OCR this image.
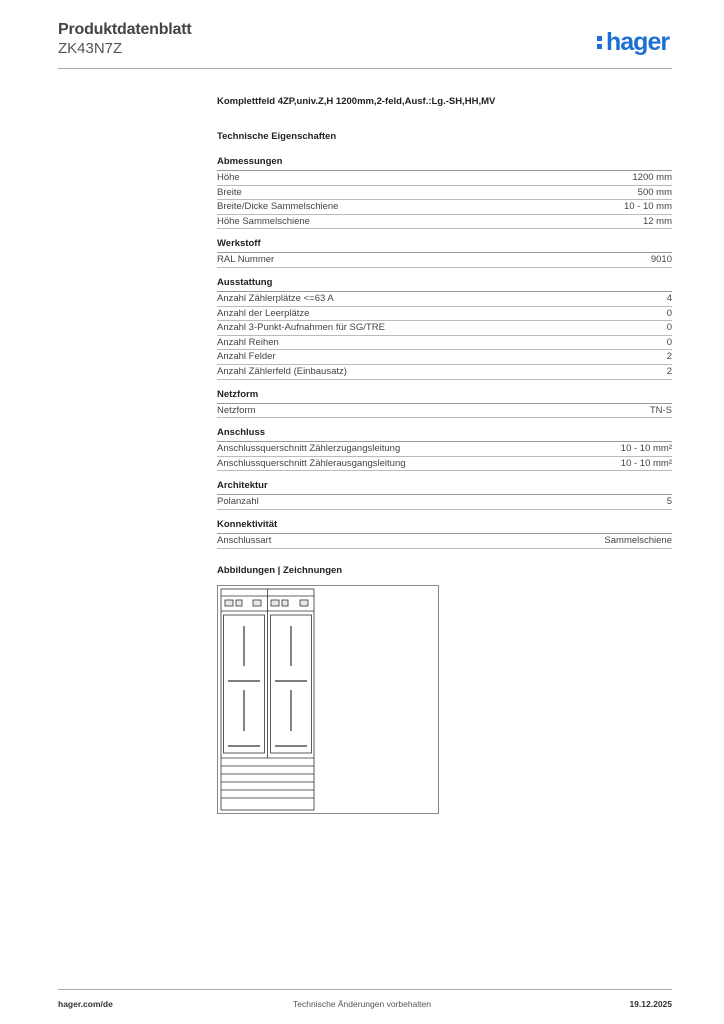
Produktdatenblatt
ZK43N7Z	hager
Komplettfeld 4ZP,univ.Z,H 1200mm,2-feld,Ausf.:Lg.-SH,HH,MV
Technische Eigenschaften
Abmessungen
Höhe	1200 mm
Breite	500 mm
Breite/Dicke Sammelschiene	10 - 10 mm
Höhe Sammelschiene	12 mm
Werkstoff
RAL Nummer	9010
Ausstattung
Anzahl Zählerplätze <=63 A	4
Anzahl der Leerplätze	0
Anzahl 3-Punkt-Aufnahmen für SG/TRE	0
Anzahl Reihen	0
Anzahl Felder	2
Anzahl Zählerfeld (Einbausatz)	2
Netzform
Netzform	TN-S
Anschluss
Anschlussquerschnitt Zählerzugangsleitung	10 - 10 mm²
Anschlussquerschnitt Zählerausgangsleitung	10 - 10 mm²
Architektur
Polanzahl	5
Konnektivität
Anschlussart	Sammelschiene
Abbildungen | Zeichnungen
hager.com/de	Technische Änderungen vorbehalten	19.12.2025
